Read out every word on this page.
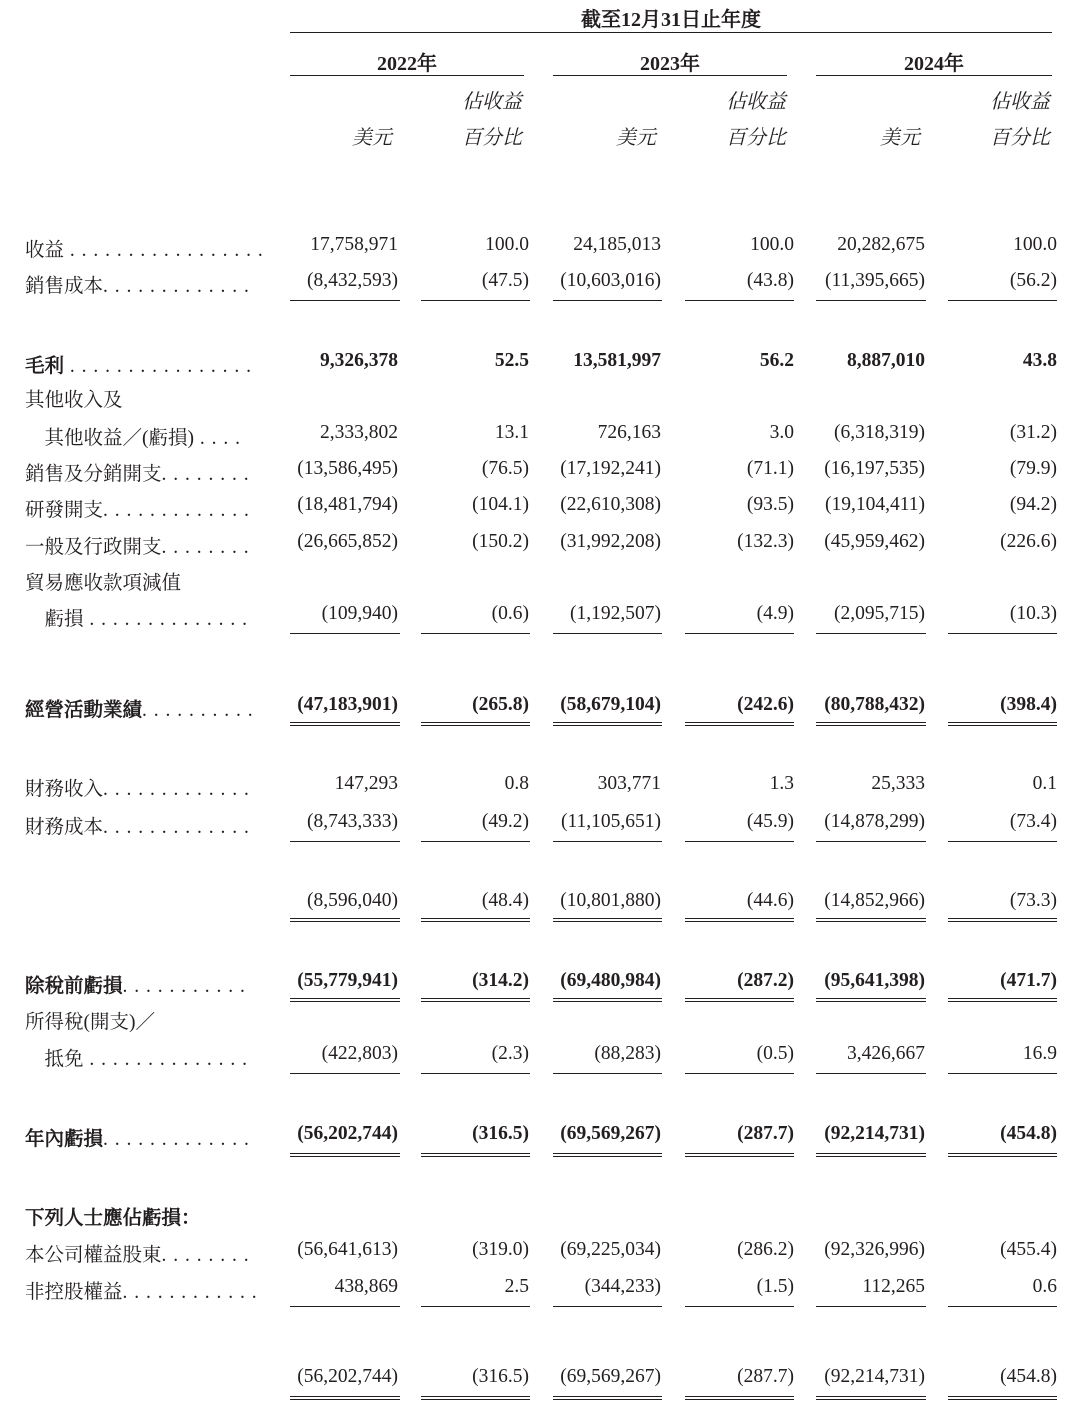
截至12月31日止年度
2022年	2023年	2024年
美元	美元	美元
佔收益
百分比
佔收益
百分比
佔收益
百分比
收益 . . . . . . . . . . . . . . . . . 17,758,971	100.0 24,185,013	100.0 20,282,675	100.0
銷售成本. . . . . . . . . . . . .	(8,432,593)	(47.5) (10,603,016)	(43.8) (11,395,665)	(56.2)
毛利 . . . . . . . . . . . . . . . .	9,326,378	52.5 13,581,997	56.2	8,887,010	43.8
其他收入及
　其他收益／(虧損) . . . .	2,333,802	13.1	726,163	3.0 (6,318,319)	(31.2)
銷售及分銷開支. . . . . . . . (13,586,495)	(76.5) (17,192,241)	(71.1) (16,197,535)	(79.9)
研發開支. . . . . . . . . . . . . (18,481,794)	(104.1) (22,610,308)	(93.5) (19,104,411)	(94.2)
一般及行政開支. . . . . . . . (26,665,852)	(150.2) (31,992,208)	(132.3) (45,959,462)	(226.6)
貿易應收款項減值
　虧損 . . . . . . . . . . . . . .	(109,940)	(0.6) (1,192,507)	(4.9) (2,095,715)	(10.3)
經營活動業績. . . . . . . . . . (47,183,901)	(265.8) (58,679,104)	(242.6) (80,788,432)	(398.4)
財務收入. . . . . . . . . . . . .	147,293	0.8	303,771	1.3	25,333	0.1
財務成本. . . . . . . . . . . . .	(8,743,333)	(49.2) (11,105,651)	(45.9) (14,878,299)	(73.4)
(8,596,040)	(48.4) (10,801,880)	(44.6) (14,852,966)	(73.3)
除稅前虧損. . . . . . . . . . .	(55,779,941)	(314.2) (69,480,984)	(287.2) (95,641,398)	(471.7)
所得稅(開支)／
　抵免 . . . . . . . . . . . . . .	(422,803)	(2.3)	(88,283)	(0.5)	3,426,667	16.9
年內虧損. . . . . . . . . . . . . (56,202,744)	(316.5) (69,569,267)	(287.7) (92,214,731)	(454.8)
下列人士應佔虧損：
本公司權益股東. . . . . . . . (56,641,613)	(319.0) (69,225,034)	(286.2) (92,326,996)	(455.4)
非控股權益. . . . . . . . . . . .	438,869	2.5	(344,233)	(1.5)	112,265	0.6
(56,202,744)	(316.5) (69,569,267)	(287.7) (92,214,731)	(454.8)
